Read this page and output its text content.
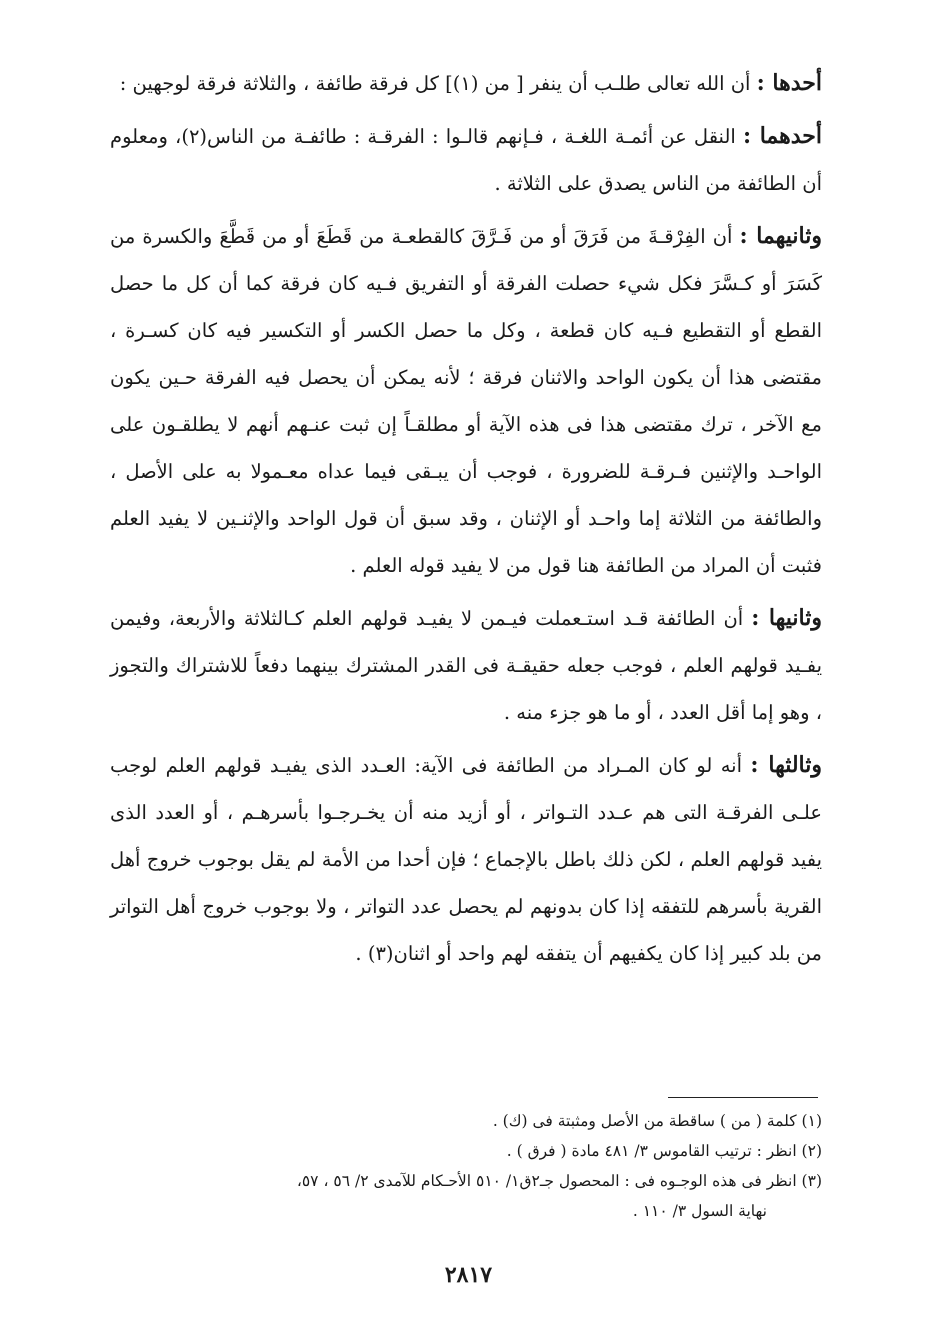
أحدها : أن الله تعالى طلـب أن ينفر [ من (١)] كل فرقة طائفة ، والثلاثة فرقة لوجهين :

أحدهما : النقل عن أئمـة اللغـة ، فـإنهم قالـوا : الفرقـة : طائفـة من الناس(٢)، ومعلوم أن الطائفة من الناس يصدق على الثلاثة .

وثانيهما : أن الفِرْقـةَ من فَرَقَ أو من فَـرَّقَ كالقطعـة من قَطَعَ أو من قَطَّعَ والكسرة من كَسَرَ أو كـسَّرَ فكل شيء حصلت الفرقة أو التفريق فـيه كان فرقة كما أن كل ما حصل القطع أو التقطيع فـيه كان قطعة ، وكل ما حصل الكسر أو التكسير فيه كان كسـرة ، مقتضى هذا أن يكون الواحد والاثنان فرقة ؛ لأنه يمكن أن يحصل فيه الفرقة حـين يكون مع الآخر ، ترك مقتضى هذا فى هذه الآية أو مطلقـاً إن ثبت عنـهم أنهم لا يطلقـون على الواحـد والإثنين فـرقـة للضرورة ، فوجب أن يبـقى فيما عداه معـمولا به على الأصل ، والطائفة من الثلاثة إما واحـد أو الإثنان ، وقد سبق أن قول الواحد والإثنـين لا يفيد العلم فثبت أن المراد من الطائفة هنا قول من لا يفيد قوله العلم .

وثانيها : أن الطائفة قـد استـعملت فيـمن لا يفيـد قولهم العلم كـالثلاثة والأربعة، وفيمن يفـيد قولهم العلم ، فوجب جعله حقيقـة فى القدر المشترك بينهما دفعاً للاشتراك والتجوز ، وهو إما أقل العدد ، أو ما هو جزء منه .

وثالثها : أنه لو كان المـراد من الطائفة فى الآية: العـدد الذى يفيـد قولهم العلم لوجب علـى الفرقـة التى هم عـدد التـواتر ، أو أزيد منه أن يخـرجـوا بأسرهـم ، أو العدد الذى يفيد قولهم العلم ، لكن ذلك باطل بالإجماع ؛ فإن أحدا من الأمة لم يقل بوجوب خروج أهل القرية بأسرهم للتفقه إذا كان بدونهم لم يحصل عدد التواتر ، ولا بوجوب خروج أهل التواتر من بلد كبير إذا كان يكفيهم أن يتفقه لهم واحد أو اثنان(٣) .

(١) كلمة ( من ) ساقطة من الأصل ومثبتة فى (ك) .

(٢) انظر : ترتيب القاموس ٣/ ٤٨١ مادة ( فرق ) .

(٣) انظر فى هذه الوجـوه فى : المحصول جـ٢ق١/ ٥١٠ الأحـكام للآمدى ٢/ ٥٦ ، ٥٧،

نهاية السول ٣/ ١١٠ .

٢٨١٧
